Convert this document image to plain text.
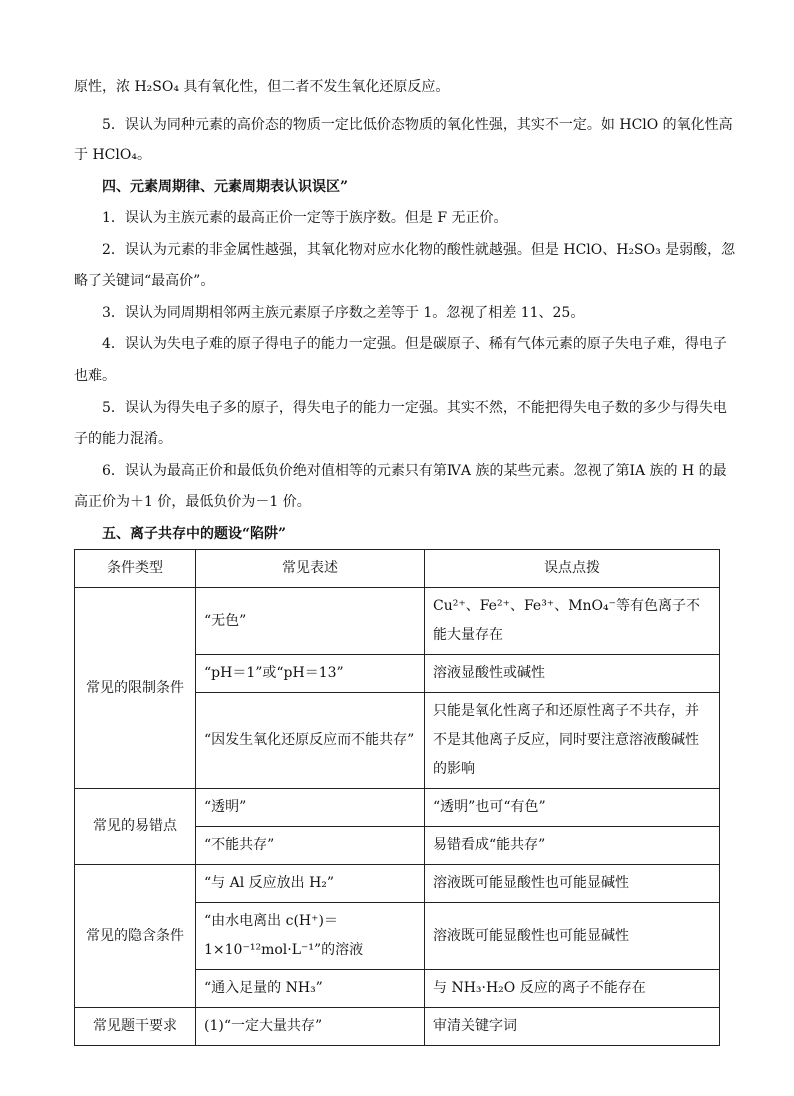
原性，浓 H₂SO₄ 具有氧化性，但二者不发生氧化还原反应。
5．误认为同种元素的高价态的物质一定比低价态物质的氧化性强，其实不一定。如 HClO 的氧化性高
于 HClO₄。
四、元素周期律、元素周期表认识误区”
1．误认为主族元素的最高正价一定等于族序数。但是 F 无正价。
2．误认为元素的非金属性越强，其氧化物对应水化物的酸性就越强。但是 HClO、H₂SO₃ 是弱酸，忽
略了关键词“最高价”。
3．误认为同周期相邻两主族元素原子序数之差等于 1。忽视了相差 11、25。
4．误认为失电子难的原子得电子的能力一定强。但是碳原子、稀有气体元素的原子失电子难，得电子
也难。
5．误认为得失电子多的原子，得失电子的能力一定强。其实不然，不能把得失电子数的多少与得失电
子的能力混淆。
6．误认为最高正价和最低负价绝对值相等的元素只有第ⅣA 族的某些元素。忽视了第ⅠA 族的 H 的最
高正价为＋1 价，最低负价为－1 价。
五、离子共存中的题设“陷阱”
条件类型	常见表述	误点点拨
常见的限制条件	“无色”	Cu²⁺、Fe²⁺、Fe³⁺、MnO₄⁻等有色离子不能大量存在
	“pH＝1”或“pH＝13”	溶液显酸性或碱性
	“因发生氧化还原反应而不能共存”	只能是氧化性离子和还原性离子不共存，并不是其他离子反应，同时要注意溶液酸碱性的影响
常见的易错点	“透明”	“透明”也可“有色”
	“不能共存”	易错看成“能共存”
常见的隐含条件	“与 Al 反应放出 H₂”	溶液既可能显酸性也可能显碱性
	“由水电离出 c(H⁺)＝1×10⁻¹²mol·L⁻¹”的溶液	溶液既可能显酸性也可能显碱性
	“通入足量的 NH₃”	与 NH₃·H₂O 反应的离子不能存在
常见题干要求	(1)“一定大量共存”	审清关键字词
